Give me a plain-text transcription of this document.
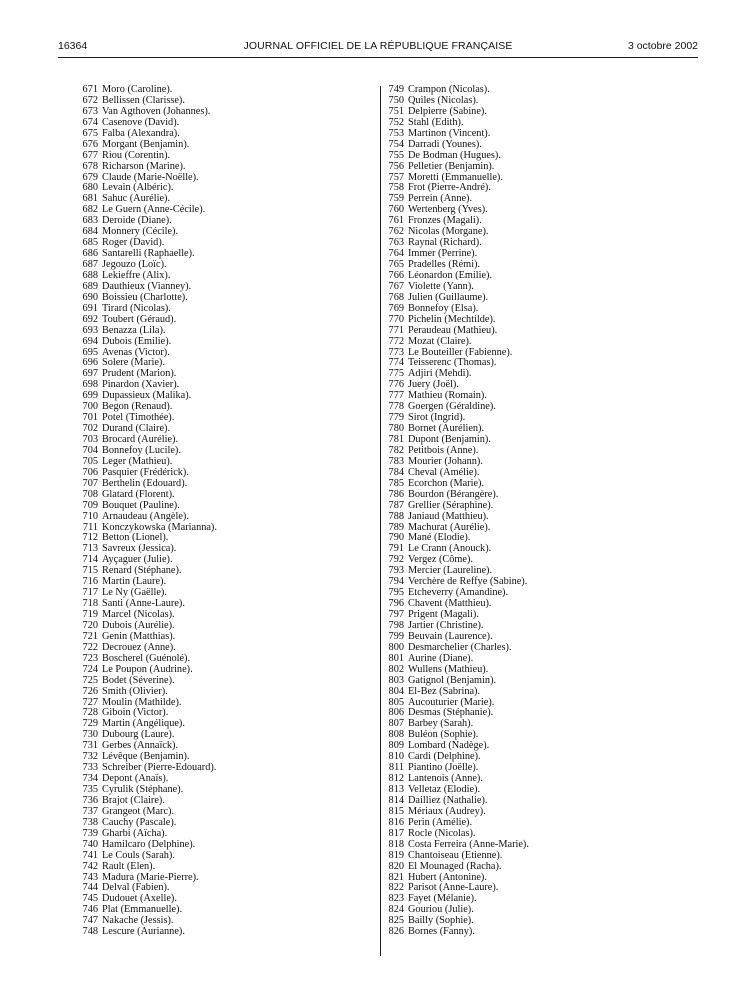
16364	JOURNAL OFFICIEL DE LA RÉPUBLIQUE FRANÇAISE	3 octobre 2002
671 Moro (Caroline).
672 Bellissen (Clarisse).
673 Van Agthoven (Johannes).
674 Casenove (David).
675 Falba (Alexandra).
676 Morgant (Benjamin).
677 Riou (Corentin).
678 Richarson (Marine).
679 Claude (Marie-Noëlle).
680 Levain (Albéric).
681 Sahuc (Aurélie).
682 Le Guern (Anne-Cécile).
683 Deroide (Diane).
684 Monnery (Cécile).
685 Roger (David).
686 Santarelli (Raphaelle).
687 Jegouzo (Loïc).
688 Lekieffre (Alix).
689 Dauthieux (Vianney).
690 Boissieu (Charlotte).
691 Tirard (Nicolas).
692 Toubert (Géraud).
693 Benazza (Lila).
694 Dubois (Emilie).
695 Avenas (Victor).
696 Solere (Marie).
697 Prudent (Marion).
698 Pinardon (Xavier).
699 Dupassieux (Malika).
700 Begon (Renaud).
701 Potel (Timothée).
702 Durand (Claire).
703 Brocard (Aurélie).
704 Bonnefoy (Lucile).
705 Leger (Mathieu).
706 Pasquier (Frédérick).
707 Berthelin (Edouard).
708 Glatard (Florent).
709 Bouquet (Pauline).
710 Arnaudeau (Angèle).
711 Konczykowska (Marianna).
712 Betton (Lionel).
713 Savreux (Jessica).
714 Ayçaguer (Julie).
715 Renard (Stéphane).
716 Martin (Laure).
717 Le Ny (Gaëlle).
718 Santi (Anne-Laure).
719 Marcel (Nicolas).
720 Dubois (Aurélie).
721 Genin (Matthias).
722 Decrouez (Anne).
723 Boscherel (Guénolé).
724 Le Poupon (Audrine).
725 Bodet (Séverine).
726 Smith (Olivier).
727 Moulin (Mathilde).
728 Giboin (Victor).
729 Martin (Angélique).
730 Dubourg (Laure).
731 Gerbes (Annaïck).
732 Lévêque (Benjamin).
733 Schreiber (Pierre-Edouard).
734 Depont (Anaïs).
735 Cyrulik (Stéphane).
736 Brajot (Claire).
737 Grangeot (Marc).
738 Cauchy (Pascale).
739 Gharbi (Aïcha).
740 Hamilcaro (Delphine).
741 Le Couls (Sarah).
742 Rault (Elen).
743 Madura (Marie-Pierre).
744 Delval (Fabien).
745 Dudouet (Axelle).
746 Plat (Emmanuelle).
747 Nakache (Jessis).
748 Lescure (Aurianne).
749 Crampon (Nicolas).
750 Quiles (Nicolas).
751 Delpierre (Sabine).
752 Stahl (Edith).
753 Martinon (Vincent).
754 Darradi (Younes).
755 De Bodman (Hugues).
756 Pelletier (Benjamin).
757 Moretti (Emmanuelle).
758 Frot (Pierre-André).
759 Perrein (Anne).
760 Wertenberg (Yves).
761 Fronzes (Magali).
762 Nicolas (Morgane).
763 Raynal (Richard).
764 Immer (Perrine).
765 Pradelles (Rémi).
766 Léonardon (Emilie).
767 Violette (Yann).
768 Julien (Guillaume).
769 Bonnefoy (Elsa).
770 Pichelin (Mechtilde).
771 Peraudeau (Mathieu).
772 Mozat (Claire).
773 Le Bouteiller (Fabienne).
774 Teisserenc (Thomas).
775 Adjiri (Mehdi).
776 Juery (Joël).
777 Mathieu (Romain).
778 Goergen (Géraldine).
779 Sirot (Ingrid).
780 Bornet (Aurélien).
781 Dupont (Benjamin).
782 Petitbois (Anne).
783 Mourier (Johann).
784 Cheval (Amélie).
785 Ecorchon (Marie).
786 Bourdon (Bérangère).
787 Grellier (Séraphine).
788 Janiaud (Matthieu).
789 Machurat (Aurélie).
790 Mané (Elodie).
791 Le Crann (Anouck).
792 Vergez (Côme).
793 Mercier (Laureline).
794 Verchère de Reffye (Sabine).
795 Etcheverry (Amandine).
796 Chavent (Matthieu).
797 Prigent (Magali).
798 Jartier (Christine).
799 Beuvain (Laurence).
800 Desmarchelier (Charles).
801 Aurine (Diane).
802 Wullens (Mathieu).
803 Gatignol (Benjamin).
804 El-Bez (Sabrina).
805 Aucouturier (Marie).
806 Desmas (Stéphanie).
807 Barbey (Sarah).
808 Buléon (Sophie).
809 Lombard (Nadège).
810 Cardi (Delphine).
811 Piantino (Joëlle).
812 Lantenois (Anne).
813 Velletaz (Elodie).
814 Dailliez (Nathalie).
815 Mériaux (Audrey).
816 Perin (Amélie).
817 Rocle (Nicolas).
818 Costa Ferreira (Anne-Marie).
819 Chantoiseau (Etienne).
820 El Mounaged (Racha).
821 Hubert (Antonine).
822 Parisot (Anne-Laure).
823 Fayet (Mélanie).
824 Gouriou (Julie).
825 Bailly (Sophie).
826 Bornes (Fanny).
